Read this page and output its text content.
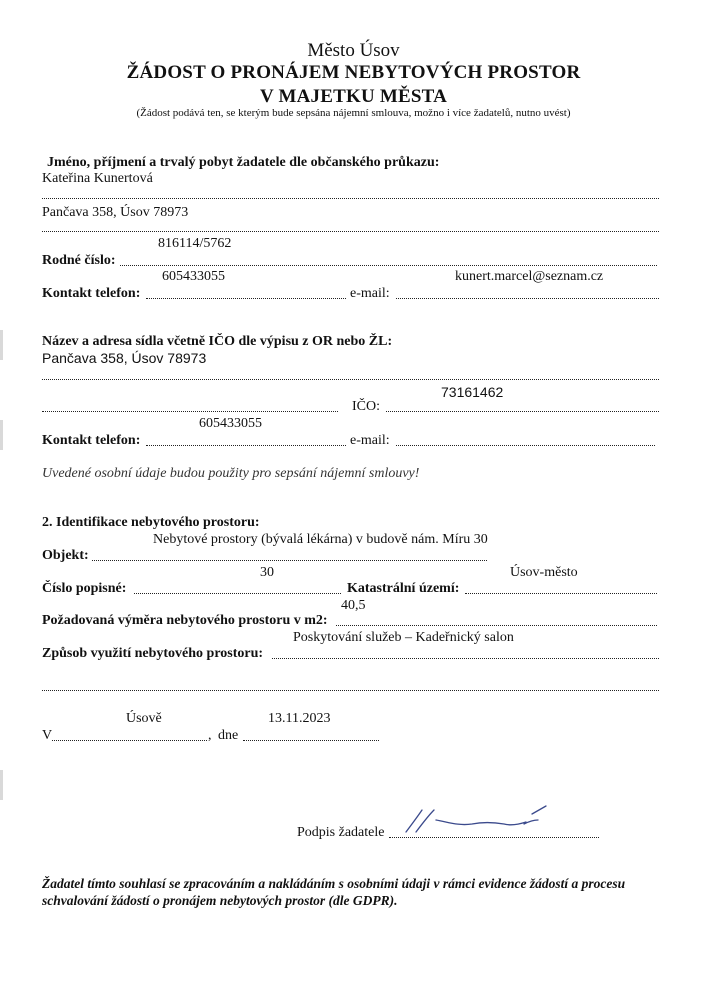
Město Úsov
ŽÁDOST O PRONÁJEM NEBYTOVÝCH PROSTOR
V MAJETKU MĚSTA
(Žádost podává ten, se kterým bude sepsána nájemní smlouva, možno i více žadatelů, nutno uvést)
Jméno, příjmení a trvalý pobyt žadatele dle občanského průkazu:
Kateřina Kunertová
Pančava 358, Úsov 78973
816114/5762
Rodné číslo:
605433055	kunert.marcel@seznam.cz
Kontakt telefon:	e-mail:
Název a adresa sídla včetně IČO dle výpisu z OR nebo ŽL:
Pančava 358, Úsov 78973
73161462
IČO:
605433055
Kontakt telefon:	e-mail:
Uvedené osobní údaje budou použity pro sepsání nájemní smlouvy!
2. Identifikace nebytového prostoru:
Nebytové prostory (bývalá lékárna) v budově nám. Míru 30
Objekt:
30	Úsov-město
Číslo popisné:	Katastrální území:
40,5
Požadovaná výměra nebytového prostoru v m2:
Poskytování služeb – Kadeřnický salon
Způsob využití nebytového prostoru:
Úsově	13.11.2023
V	, dne
Podpis žadatele
Žadatel tímto souhlasí se zpracováním a nakládáním s osobními údaji v rámci evidence žádostí a procesu
schvalování žádostí o pronájem nebytových prostor (dle GDPR).
